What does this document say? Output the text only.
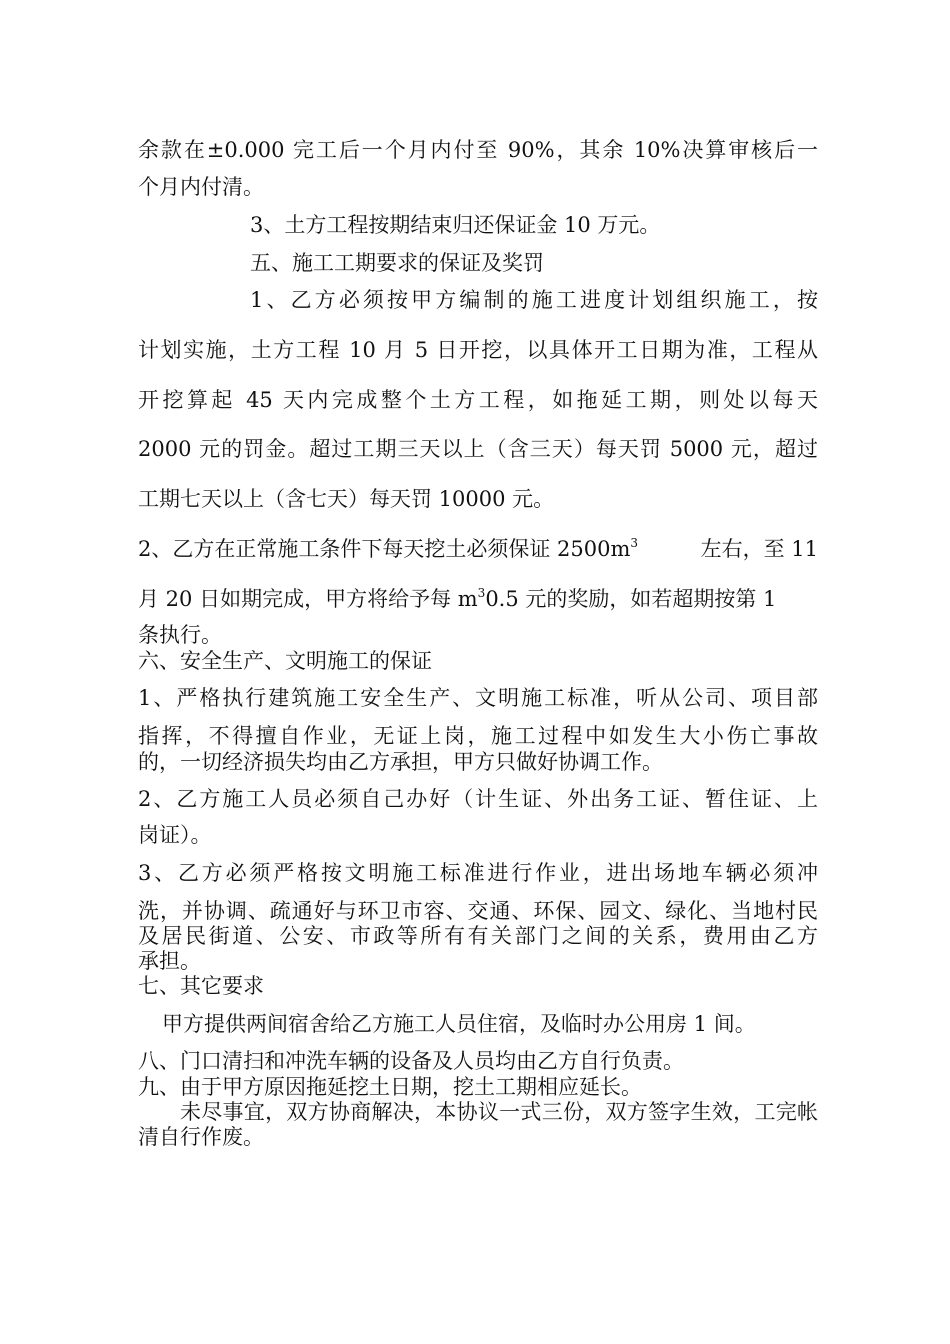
余款在±0.000 完工后一个月内付至 90%，其余 10%决算审核后一
个月内付清。
3、土方工程按期结束归还保证金 10 万元。
五、施工工期要求的保证及奖罚
1、乙方必须按甲方编制的施工进度计划组织施工，按
计划实施，土方工程 10 月 5 日开挖，以具体开工日期为准，工程从
开挖算起 45 天内完成整个土方工程，如拖延工期，则处以每天
2000 元的罚金。超过工期三天以上（含三天）每天罚 5000 元，超过
工期七天以上（含七天）每天罚 10000 元。
2、乙方在正常施工条件下每天挖土必须保证 $2500m^3$	左右，至 11
月 20 日如期完成，甲方将给予每 $m^30.5$ 元的奖励，如若超期按第 1
条执行。
六、安全生产、文明施工的保证
1、严格执行建筑施工安全生产、文明施工标准，听从公司、项目部
指挥，不得擅自作业，无证上岗，施工过程中如发生大小伤亡事故
的，一切经济损失均由乙方承担，甲方只做好协调工作。
2、乙方施工人员必须自己办好（计生证、外出务工证、暂住证、上
岗证）。
3、乙方必须严格按文明施工标准进行作业，进出场地车辆必须冲
洗，并协调、疏通好与环卫市容、交通、环保、园文、绿化、当地村民
及居民街道、公安、市政等所有有关部门之间的关系，费用由乙方
承担。
七、其它要求
甲方提供两间宿舍给乙方施工人员住宿，及临时办公用房 1 间。
八、门口清扫和冲洗车辆的设备及人员均由乙方自行负责。
九、由于甲方原因拖延挖土日期，挖土工期相应延长。
未尽事宜，双方协商解决，本协议一式三份，双方签字生效，工完帐
清自行作废。
